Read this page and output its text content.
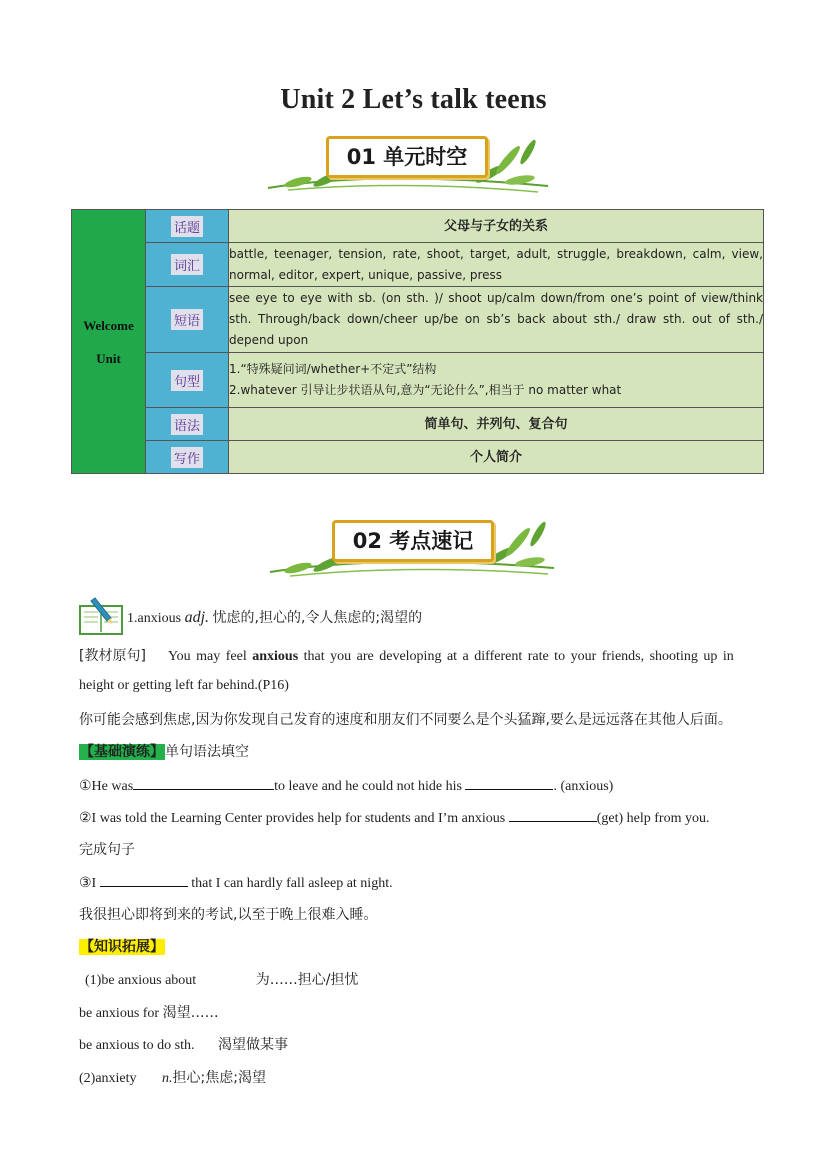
Unit 2 Let’s talk teens
01 单元时空
Welcome
Unit	话题	父母与子女的关系
	词汇	battle, teenager, tension, rate, shoot, target, adult, struggle, breakdown, calm, view, normal, editor, expert, unique, passive, press
	短语	see eye to eye with sb. (on sth. )/ shoot up/calm down/from one’s point of view/think sth. Through/back down/cheer up/be on sb’s back about sth./ draw sth. out of sth./ depend upon
	句型	1.“特殊疑问词/whether+不定式”结构
2.whatever 引导让步状语从句,意为“无论什么”,相当于 no matter what

	语法	简单句、并列句、复合句
	写作	个人简介
02 考点速记
1.anxious adj. 忧虑的,担心的,令人焦虑的;渴望的
[教材原句] You may feel anxious that you are developing at a different rate to your friends, shooting up in
height or getting left far behind.(P16)
你可能会感到焦虑,因为你发现自己发育的速度和朋友们不同要么是个头猛蹿,要么是远远落在其他人后面。
【基础演练】单句语法填空
①He was	to leave and he could not hide his	. (anxious)
②I was told the Learning Center provides help for students and I’m anxious	(get) help from you.
完成句子
③I	that I can hardly fall asleep at night.
我很担心即将到来的考试,以至于晚上很难入睡。
【知识拓展】
(1)be anxious about	为……担心/担忧
be anxious for 渴望……
be anxious to do sth. 渴望做某事
(2)anxiety n.担心;焦虑;渴望
